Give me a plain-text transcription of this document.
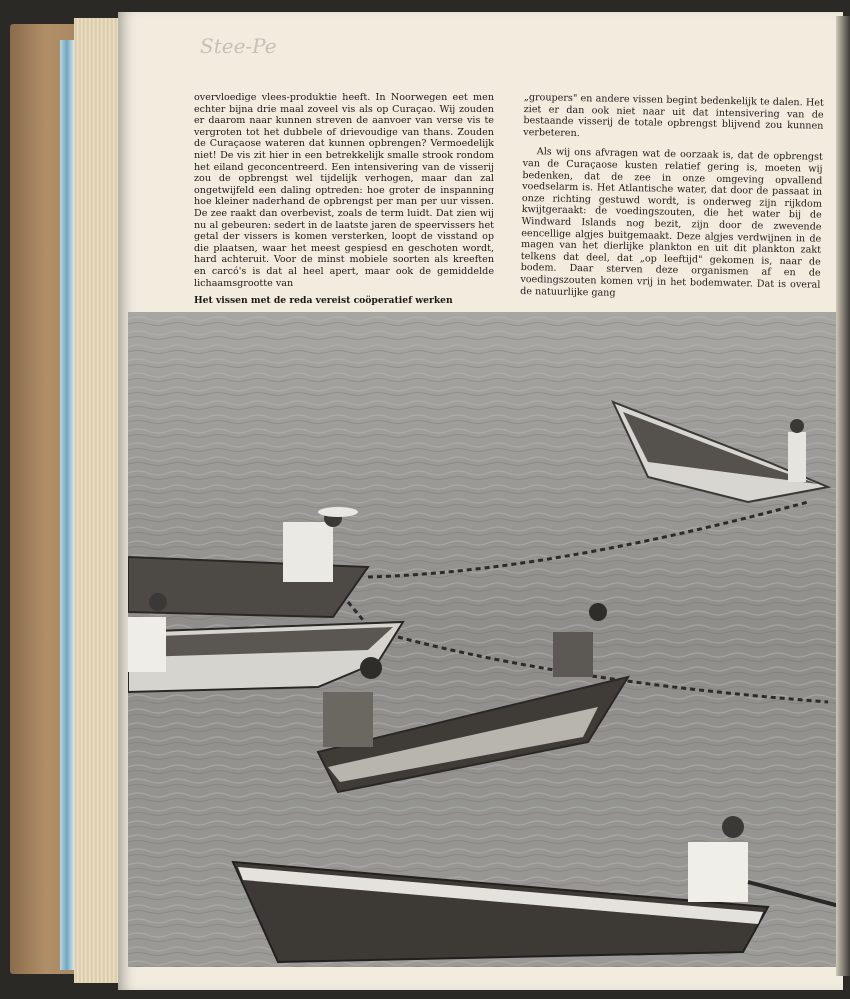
Stee-Pe

overvloedige vlees-produktie heeft. In Noorwegen eet men echter bijna drie maal zoveel vis als op Curaçao. Wij zouden er daarom naar kunnen streven de aanvoer van verse vis te vergroten tot het dubbele of drievoudige van thans. Zouden de Curaçaose wateren dat kunnen opbrengen? Vermoedelijk niet! De vis zit hier in een betrekkelijk smalle strook rondom het eiland geconcentreerd. Een intensivering van de visserij zou de opbrengst wel tijdelijk verhogen, maar dan zal ongetwijfeld een daling optreden: hoe groter de inspanning hoe kleiner naderhand de opbrengst per man per uur vissen. De zee raakt dan overbevist, zoals de term luidt. Dat zien wij nu al gebeuren: sedert in de laatste jaren de speervissers het getal der vissers is komen versterken, loopt de visstand op die plaatsen, waar het meest gespiesd en geschoten wordt, hard achteruit. Voor de minst mobiele soorten als kreeften en carcó's is dat al heel apert, maar ook de gemiddelde lichaamsgrootte van

„groupers" en andere vissen begint bedenkelijk te dalen. Het ziet er dan ook niet naar uit dat intensivering van de bestaande visserij de totale opbrengst blijvend zou kunnen verbeteren.

Als wij ons afvragen wat de oorzaak is, dat de opbrengst van de Curaçaose kusten relatief gering is, moeten wij bedenken, dat de zee in onze omgeving opvallend voedselarm is. Het Atlantische water, dat door de passaat in onze richting gestuwd wordt, is onderweg zijn rijkdom kwijtgeraakt: de voedingszouten, die het water bij de Windward Islands nog bezit, zijn door de zwevende eencellige algjes buitgemaakt. Deze algjes verdwijnen in de magen van het dierlijke plankton en uit dit plankton zakt telkens dat deel, dat „op leeftijd" gekomen is, naar de bodem. Daar sterven deze organismen af en de voedingszouten komen vrij in het bodemwater. Dat is overal de natuurlijke gang

Het vissen met de reda vereist coöperatief werken
